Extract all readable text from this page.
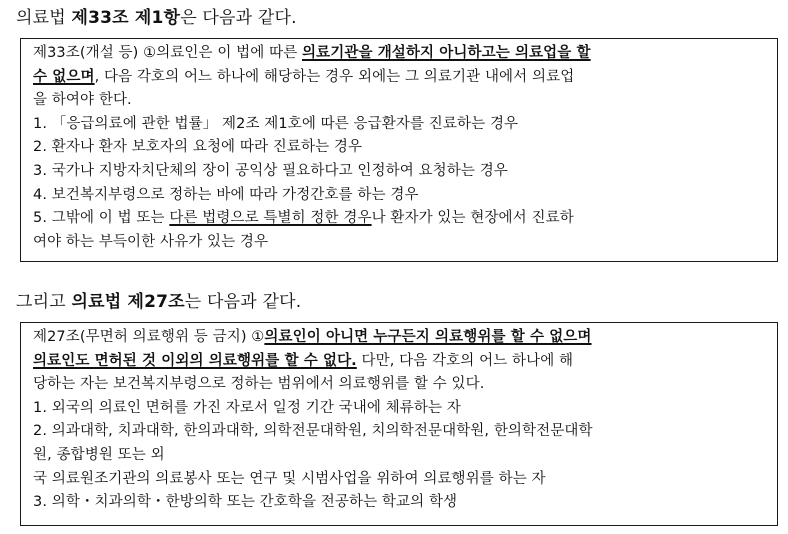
의료법 제33조 제1항은 다음과 같다.
제33조(개설 등) ①의료인은 이 법에 따른 의료기관을 개설하지 아니하고는 의료업을 할
수 없으며, 다음 각호의 어느 하나에 해당하는 경우 외에는 그 의료기관 내에서 의료업
을 하여야 한다.
1. 「응급의료에 관한 법률」 제2조 제1호에 따른 응급환자를 진료하는 경우
2. 환자나 환자 보호자의 요청에 따라 진료하는 경우
3. 국가나 지방자치단체의 장이 공익상 필요하다고 인정하여 요청하는 경우
4. 보건복지부령으로 정하는 바에 따라 가정간호를 하는 경우
5. 그밖에 이 법 또는 다른 법령으로 특별히 정한 경우나 환자가 있는 현장에서 진료하
여야 하는 부득이한 사유가 있는 경우
그리고 의료법 제27조는 다음과 같다.
제27조(무면허 의료행위 등 금지) ①의료인이 아니면 누구든지 의료행위를 할 수 없으며
의료인도 면허된 것 이외의 의료행위를 할 수 없다. 다만, 다음 각호의 어느 하나에 해
당하는 자는 보건복지부령으로 정하는 범위에서 의료행위를 할 수 있다.
1. 외국의 의료인 면허를 가진 자로서 일정 기간 국내에 체류하는 자
2. 의과대학, 치과대학, 한의과대학, 의학전문대학원, 치의학전문대학원, 한의학전문대학
원, 종합병원 또는 외
국 의료원조기관의 의료봉사 또는 연구 및 시범사업을 위하여 의료행위를 하는 자
3. 의학・치과의학・한방의학 또는 간호학을 전공하는 학교의 학생
